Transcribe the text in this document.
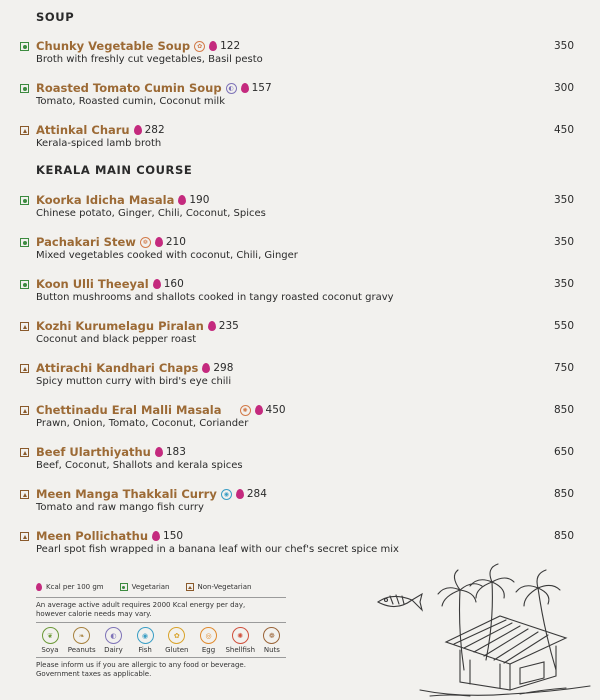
SOUP
Chunky Vegetable Soup	✿ 122
Broth with freshly cut vegetables, Basil pesto
350
Roasted Tomato Cumin Soup	◐ 157
Tomato, Roasted cumin, Coconut milk
300
Attinkal Charu 282
Kerala-spiced lamb broth
450
KERALA MAIN COURSE
Koorka Idicha Masala 190
Chinese potato, Ginger, Chili, Coconut, Spices
350
Pachakari Stew	❁ 210
Mixed vegetables cooked with coconut, Chili, Ginger
350
Koon Ulli Theeyal 160
Button mushrooms and shallots cooked in tangy roasted coconut gravy
350
Kozhi Kurumelagu Piralan 235
Coconut and black pepper roast
550
Attirachi Kandhari Chaps 298
Spicy mutton curry with bird's eye chili
750
Chettinadu Eral Malli Masala	✺ 450
Prawn, Onion, Tomato, Coconut, Coriander
850
Beef Ularthiyathu 183
Beef, Coconut, Shallots and kerala spices
650
Meen Manga Thakkali Curry	◉ 284
Tomato and raw mango fish curry
850
Meen Pollichathu 150
Pearl spot fish wrapped in a banana leaf with our chef's secret spice mix
850
Kcal per 100 gm	Vegetarian	Non-Vegetarian
An average active adult requires 2000 Kcal energy per day,
however calorie needs may vary.
❦
Soya
❧
Peanuts
◐
Dairy
◉
Fish
✿
Gluten
◎
Egg
✺
Shellfish
❁
Nuts
Please inform us if you are allergic to any food or beverage.
Government taxes as applicable.
